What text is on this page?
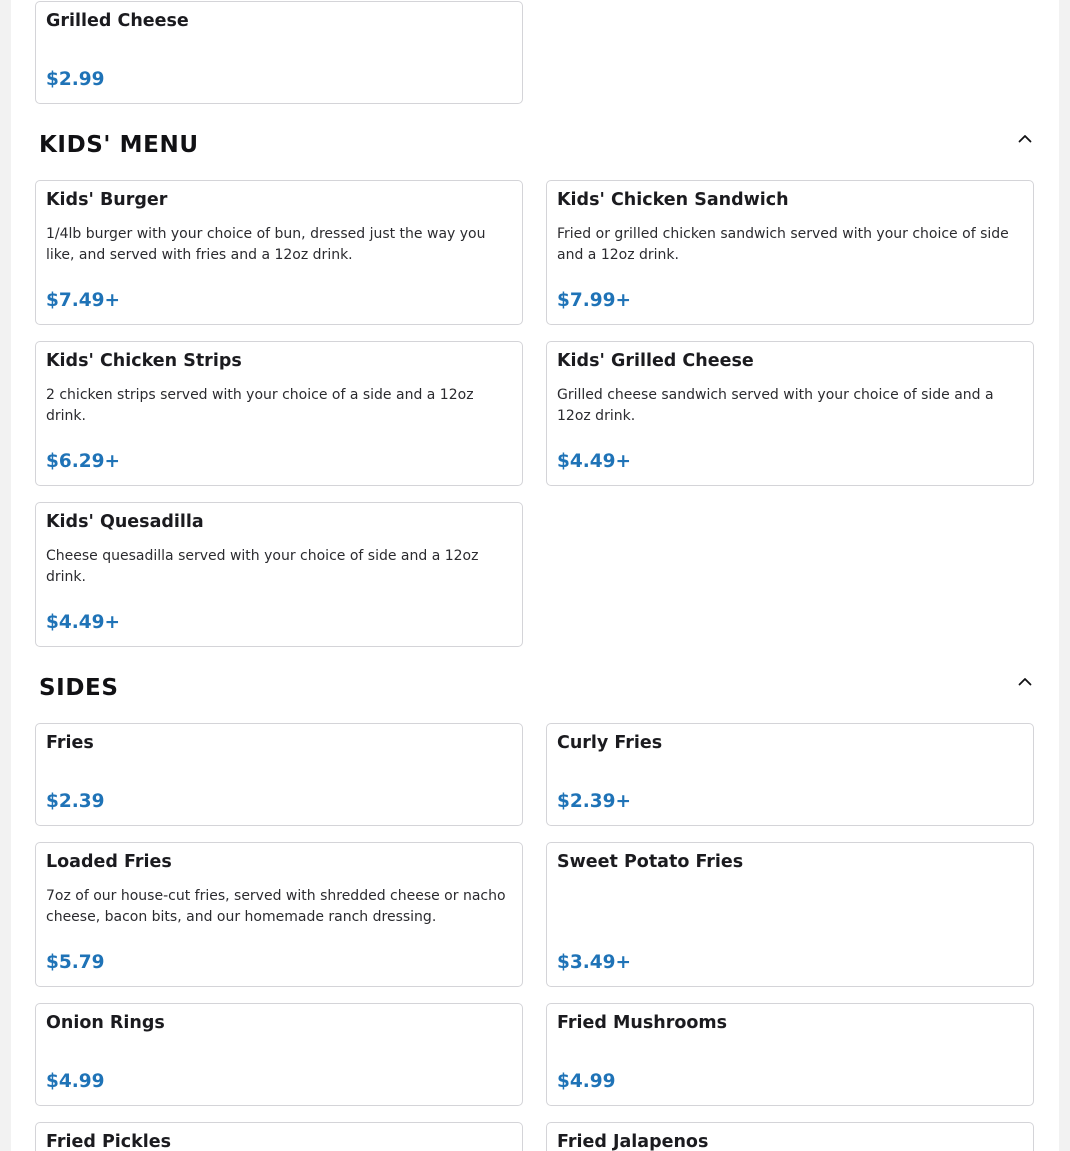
Grilled Cheese
$2.99
KIDS' MENU
Kids' Burger
1/4lb burger with your choice of bun, dressed just the way you like, and served with fries and a 12oz drink.
$7.49+
Kids' Chicken Sandwich
Fried or grilled chicken sandwich served with your choice of side and a 12oz drink.
$7.99+
Kids' Chicken Strips
2 chicken strips served with your choice of a side and a 12oz drink.
$6.29+
Kids' Grilled Cheese
Grilled cheese sandwich served with your choice of side and a 12oz drink.
$4.49+
Kids' Quesadilla
Cheese quesadilla served with your choice of side and a 12oz drink.
$4.49+
SIDES
Fries
$2.39
Curly Fries
$2.39+
Loaded Fries
7oz of our house-cut fries, served with shredded cheese or nacho cheese, bacon bits, and our homemade ranch dressing.
$5.79
Sweet Potato Fries
$3.49+
Onion Rings
$4.99
Fried Mushrooms
$4.99
Fried Pickles	Fried Jalapenos
